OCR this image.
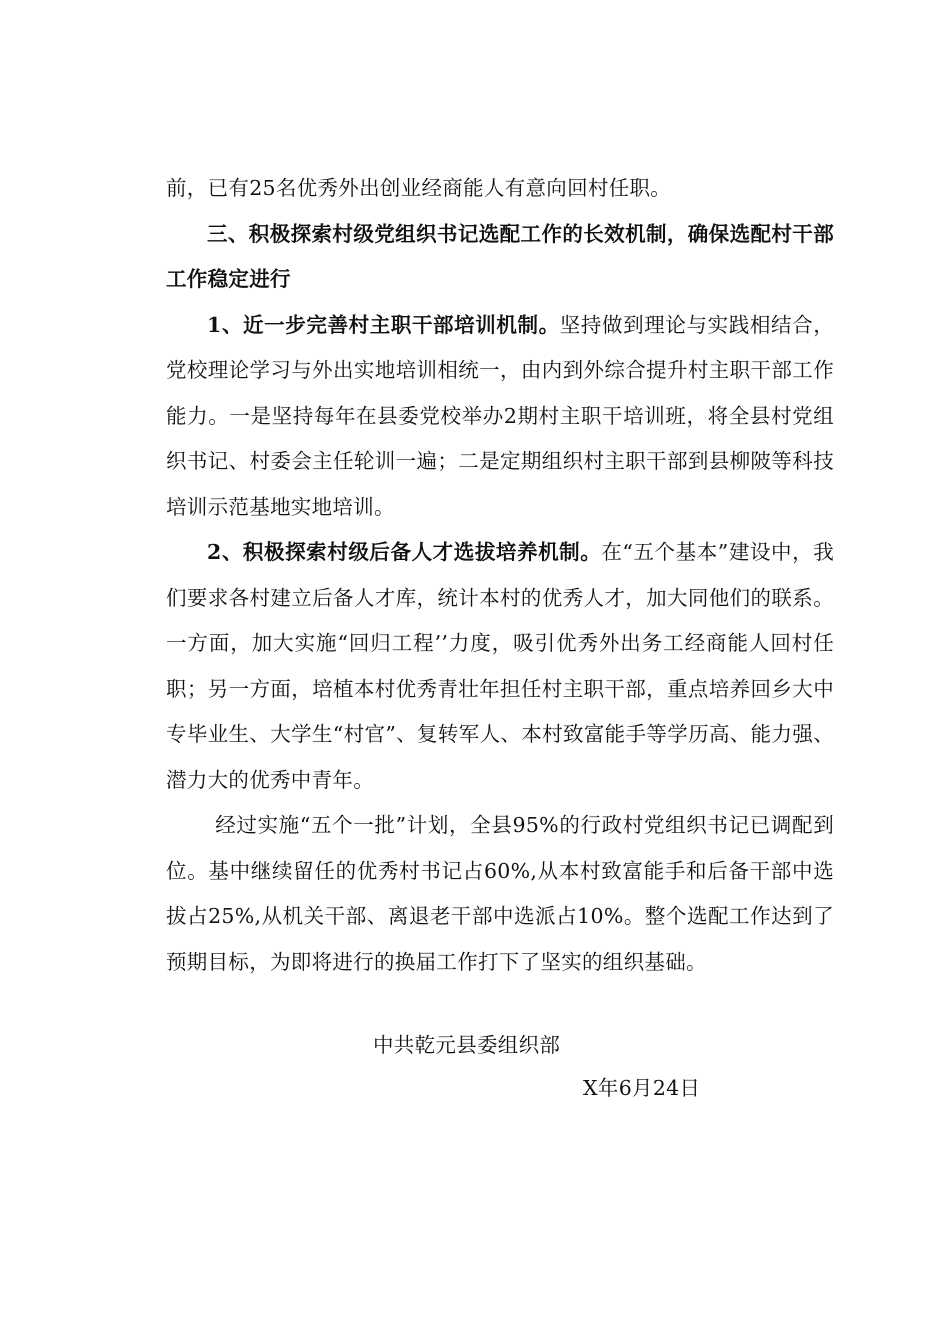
前，已有25名优秀外出创业经商能人有意向回村任职。

三、积极探索村级党组织书记选配工作的长效机制，确保选配村干部工作稳定进行

1、近一步完善村主职干部培训机制。坚持做到理论与实践相结合，党校理论学习与外出实地培训相统一，由内到外综合提升村主职干部工作能力。一是坚持每年在县委党校举办2期村主职干培训班，将全县村党组织书记、村委会主任轮训一遍；二是定期组织村主职干部到县柳陂等科技培训示范基地实地培训。

2、积极探索村级后备人才选拔培养机制。在“五个基本”建设中，我们要求各村建立后备人才库，统计本村的优秀人才，加大同他们的联系。一方面，加大实施“回归工程’’力度，吸引优秀外出务工经商能人回村任职；另一方面，培植本村优秀青壮年担任村主职干部，重点培养回乡大中专毕业生、大学生“村官”、复转军人、本村致富能手等学历高、能力强、潜力大的优秀中青年。

经过实施“五个一批”计划，全县95%的行政村党组织书记已调配到位。基中继续留任的优秀村书记占60%,从本村致富能手和后备干部中选拔占25%,从机关干部、离退老干部中选派占10%。整个选配工作达到了预期目标，为即将进行的换届工作打下了坚实的组织基础。

中共乾元县委组织部
X年6月24日
